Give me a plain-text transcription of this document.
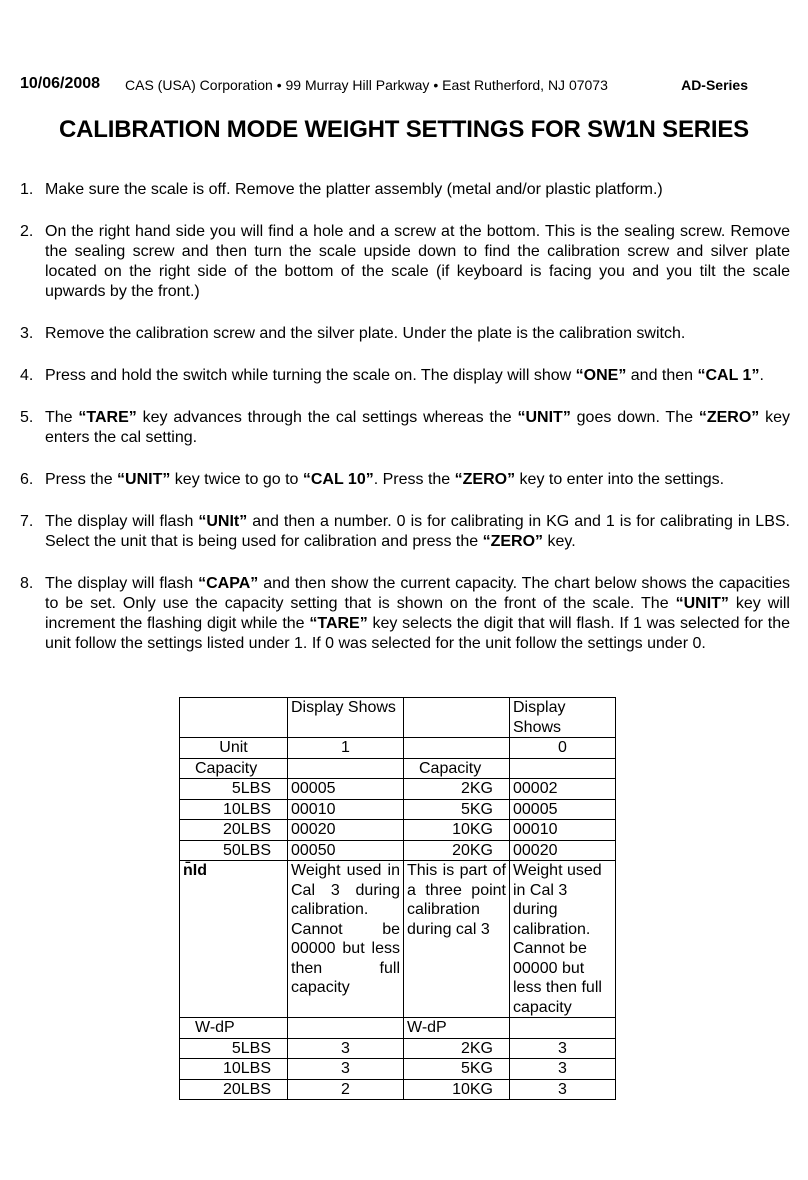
10/06/2008 CAS (USA) Corporation • 99 Murray Hill Parkway • East Rutherford, NJ 07073	AD-Series
CALIBRATION MODE WEIGHT SETTINGS FOR SW1N SERIES
1. Make sure the scale is off. Remove the platter assembly (metal and/or plastic platform.)
2. On the right hand side you will find a hole and a screw at the bottom. This is the sealing screw. Remove the sealing screw and then turn the scale upside down to find the calibration screw and silver plate located on the right side of the bottom of the scale (if keyboard is facing you and you tilt the scale upwards by the front.)
3. Remove the calibration screw and the silver plate. Under the plate is the calibration switch.
4. Press and hold the switch while turning the scale on. The display will show “ONE” and then “CAL 1”.
5. The “TARE” key advances through the cal settings whereas the “UNIT” goes down. The “ZERO” key enters the cal setting.
6. Press the “UNIT” key twice to go to “CAL 10”. Press the “ZERO” key to enter into the settings.
7. The display will flash “UNIt” and then a number. 0 is for calibrating in KG and 1 is for calibrating in LBS. Select the unit that is being used for calibration and press the “ZERO” key.
8. The display will flash “CAPA” and then show the current capacity. The chart below shows the capacities to be set. Only use the capacity setting that is shown on the front of the scale. The “UNIT” key will increment the flashing digit while the “TARE” key selects the digit that will flash. If 1 was selected for the unit follow the settings listed under 1. If 0 was selected for the unit follow the settings under 0.
	Display Shows		Display Shows
Unit	1		0
Capacity		Capacity	
5LBS	00005	2KG	00002
10LBS	00010	5KG	00005
20LBS	00020	10KG	00010
50LBS	00050	20KG	00020
n̄Id	Weight used in Cal 3 during calibration. Cannot be 00000 but less then full capacity	This is part of a three point calibration during cal 3	Weight used in Cal 3 during calibration. Cannot be 00000 but less then full capacity
W-dP		W-dP	
5LBS	3	2KG	3
10LBS	3	5KG	3
20LBS	2	10KG	3
